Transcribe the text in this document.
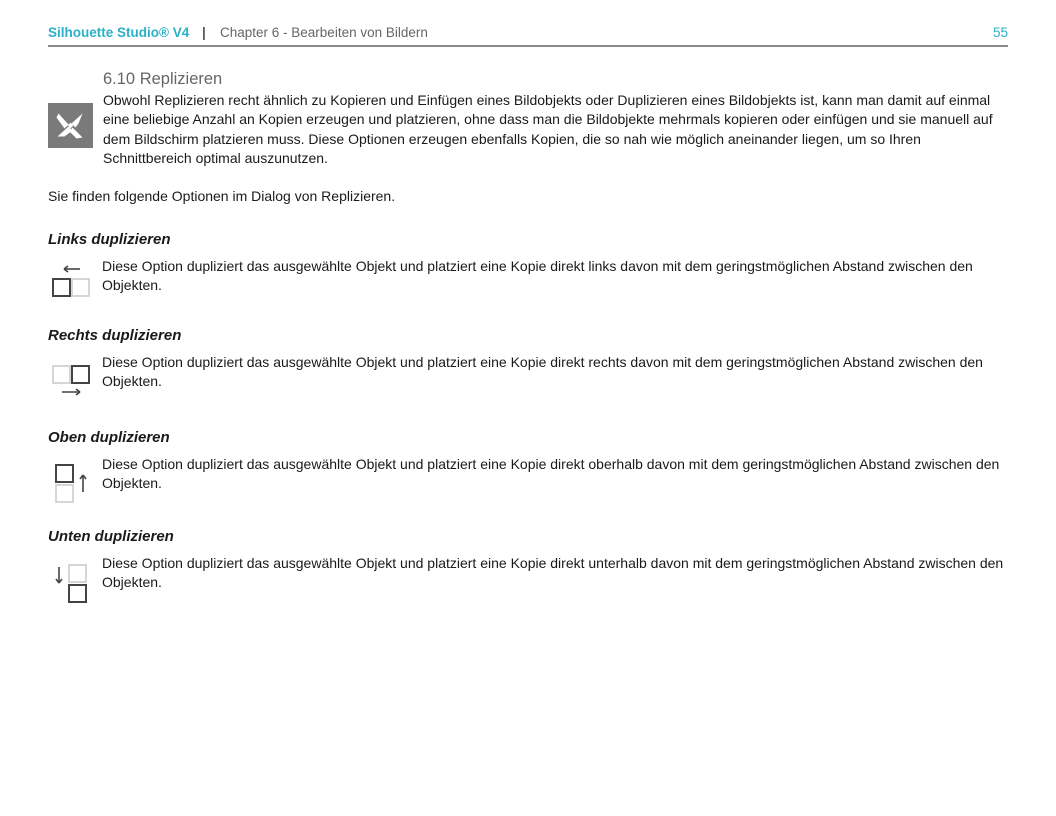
Silhouette Studio® V4 | Chapter 6 - Bearbeiten von Bildern	55
6.10 Replizieren

Obwohl Replizieren recht ähnlich zu Kopieren und Einfügen eines Bildobjekts oder Duplizieren eines Bildobjekts ist, kann man damit auf einmal eine beliebige Anzahl an Kopien erzeugen und platzieren, ohne dass man die Bildobjekte mehrmals kopieren oder einfügen und sie manuell auf dem Bildschirm platzieren muss. Diese Optionen erzeugen ebenfalls Kopien, die so nah wie möglich aneinander liegen, um so Ihren Schnittbereich optimal auszunutzen.

Sie finden folgende Optionen im Dialog von Replizieren.

Links duplizieren

Diese Option dupliziert das ausgewählte Objekt und platziert eine Kopie direkt links davon mit dem geringstmöglichen Abstand zwischen den Objekten.

Rechts duplizieren

Diese Option dupliziert das ausgewählte Objekt und platziert eine Kopie direkt rechts davon mit dem geringstmöglichen Abstand zwischen den Objekten.

Oben duplizieren

Diese Option dupliziert das ausgewählte Objekt und platziert eine Kopie direkt oberhalb davon mit dem geringstmöglichen Abstand zwischen den Objekten.

Unten duplizieren

Diese Option dupliziert das ausgewählte Objekt und platziert eine Kopie direkt unterhalb davon mit dem geringstmöglichen Abstand zwischen den Objekten.
